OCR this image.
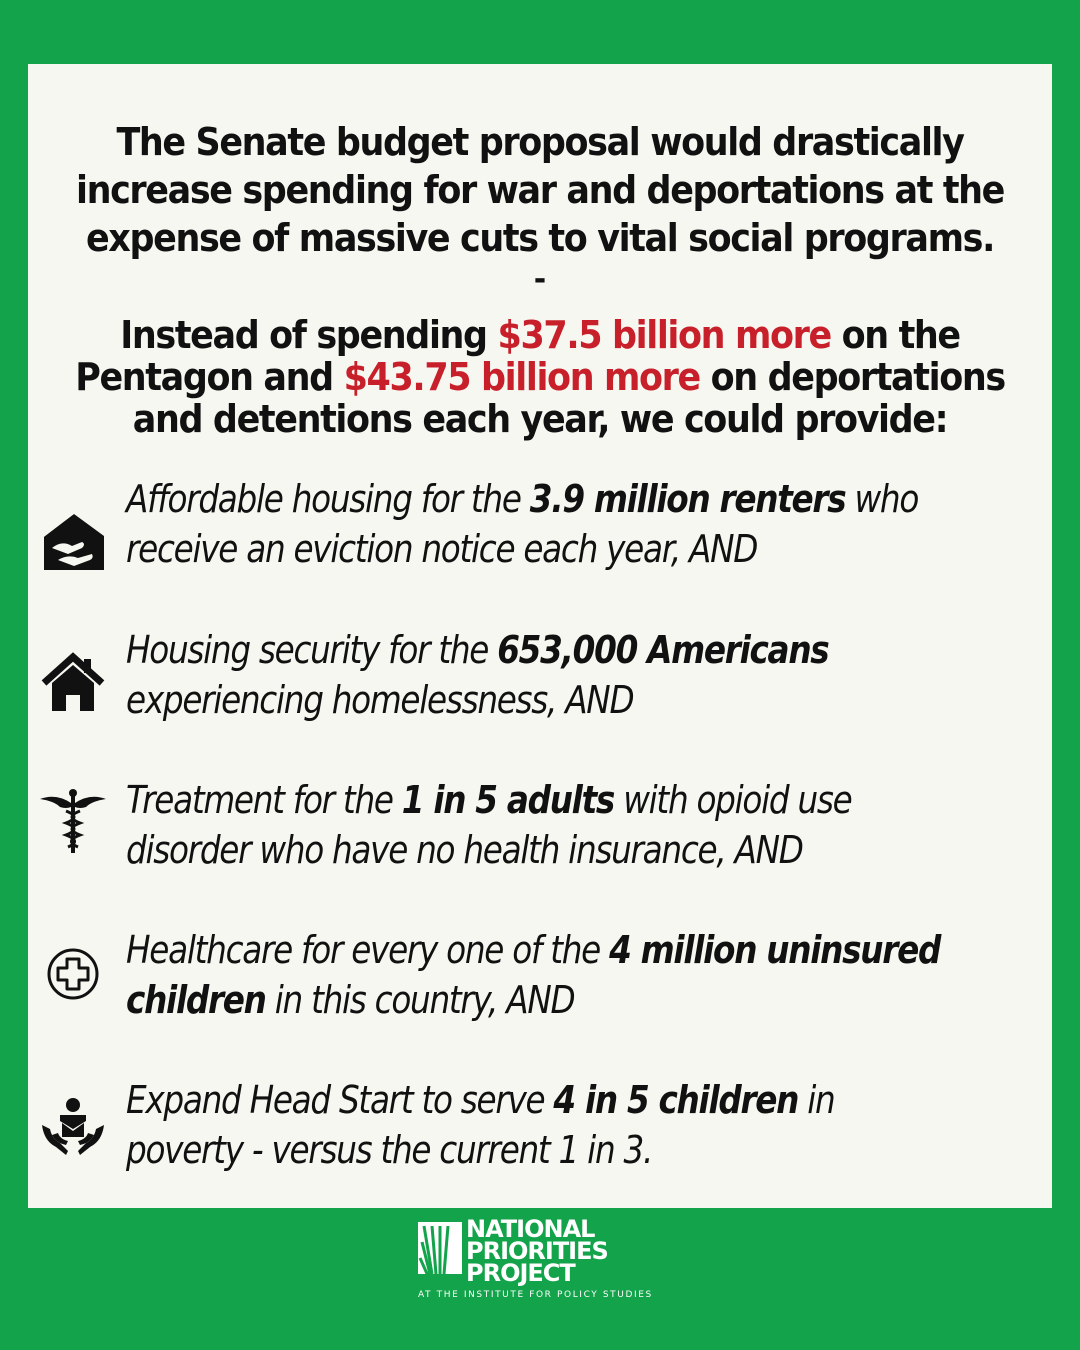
The Senate budget proposal would drastically
increase spending for war and deportations at the
expense of massive cuts to vital social programs.
-
Instead of spending $37.5 billion more on the
Pentagon and $43.75 billion more on deportations
and detentions each year, we could provide:
Affordable housing for the 3.9 million renters who
receive an eviction notice each year, AND
Housing security for the 653,000 Americans
experiencing homelessness, AND
Treatment for the 1 in 5 adults with opioid use
disorder who have no health insurance, AND
Healthcare for every one of the 4 million uninsured
children in this country, AND
Expand Head Start to serve 4 in 5 children in
poverty - versus the current 1 in 3.
NATIONAL
PRIORITIES
PROJECT
AT THE INSTITUTE FOR POLICY STUDIES
